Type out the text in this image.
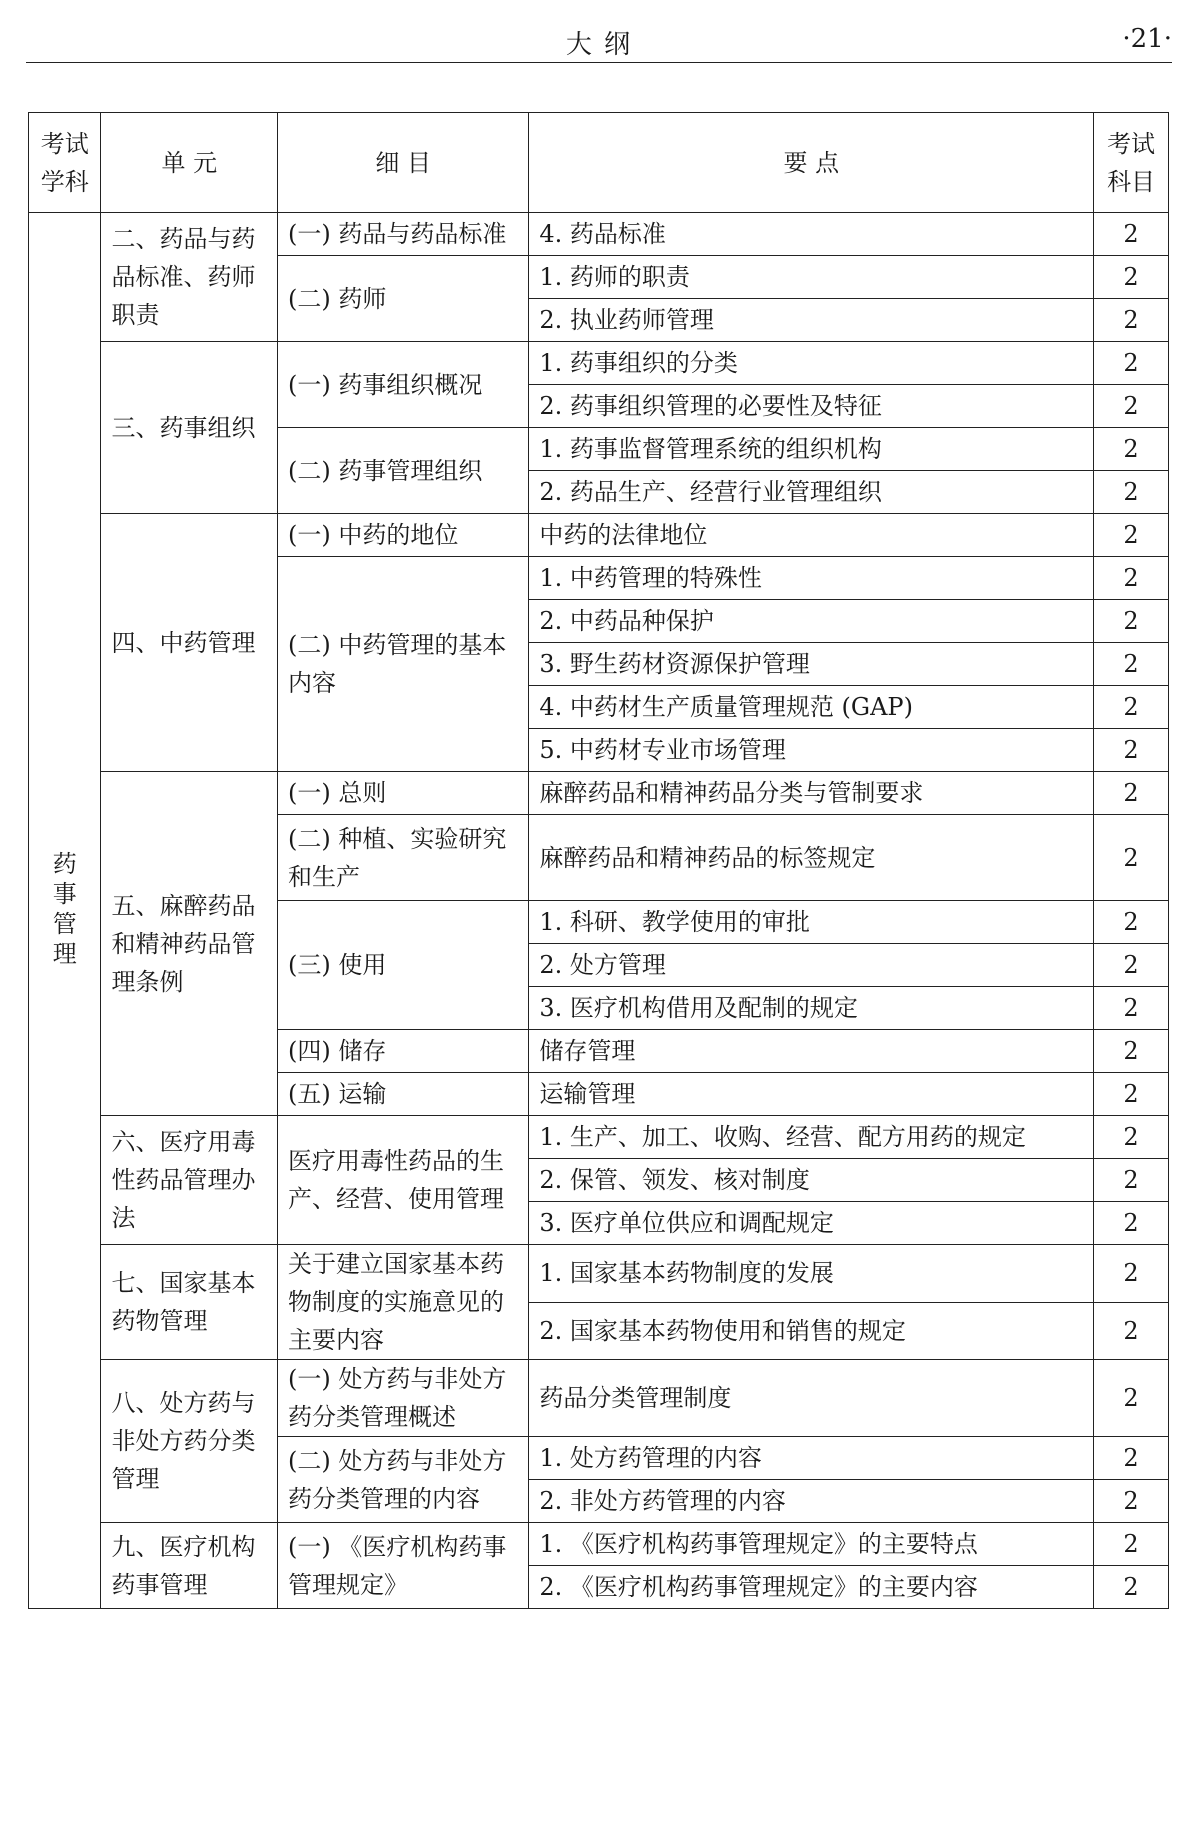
大 纲	·21·
考试学科	单 元	细 目	要 点	考试科目
药事管理	二、药品与药品标准、药师职责	(一) 药品与药品标准	4. 药品标准	2
		(二) 药师	1. 药师的职责	2
			2. 执业药师管理	2
	三、药事组织	(一) 药事组织概况	1. 药事组织的分类	2
			2. 药事组织管理的必要性及特征	2
		(二) 药事管理组织	1. 药事监督管理系统的组织机构	2
			2. 药品生产、经营行业管理组织	2
	四、中药管理	(一) 中药的地位	中药的法律地位	2
		(二) 中药管理的基本内容	1. 中药管理的特殊性	2
			2. 中药品种保护	2
			3. 野生药材资源保护管理	2
			4. 中药材生产质量管理规范 (GAP)	2
			5. 中药材专业市场管理	2
	五、麻醉药品和精神药品管理条例	(一) 总则	麻醉药品和精神药品分类与管制要求	2
		(二) 种植、实验研究和生产	麻醉药品和精神药品的标签规定	2
		(三) 使用	1. 科研、教学使用的审批	2
			2. 处方管理	2
			3. 医疗机构借用及配制的规定	2
		(四) 储存	储存管理	2
		(五) 运输	运输管理	2
	六、医疗用毒性药品管理办法	医疗用毒性药品的生产、经营、使用管理	1. 生产、加工、收购、经营、配方用药的规定	2
			2. 保管、领发、核对制度	2
			3. 医疗单位供应和调配规定	2
	七、国家基本药物管理	关于建立国家基本药物制度的实施意见的主要内容	1. 国家基本药物制度的发展	2
			2. 国家基本药物使用和销售的规定	2
	八、处方药与非处方药分类管理	(一) 处方药与非处方药分类管理概述	药品分类管理制度	2
		(二) 处方药与非处方药分类管理的内容	1. 处方药管理的内容	2
			2. 非处方药管理的内容	2
	九、医疗机构药事管理	(一) 《医疗机构药事管理规定》	1. 《医疗机构药事管理规定》的主要特点	2
			2. 《医疗机构药事管理规定》的主要内容	2
